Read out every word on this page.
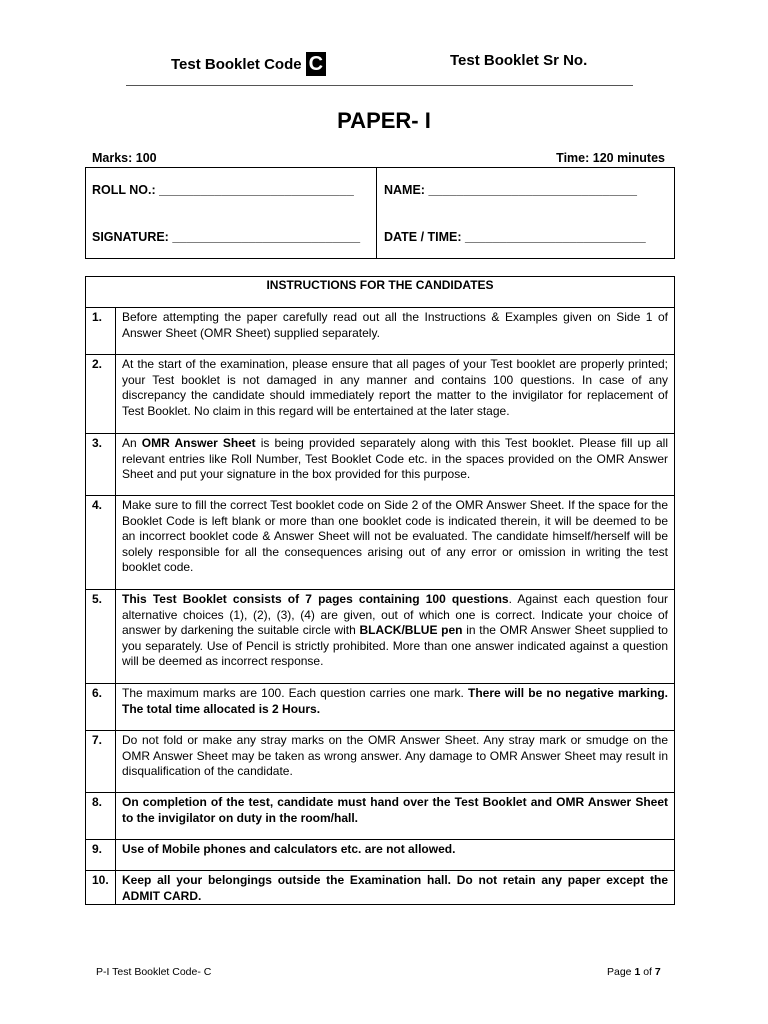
Test Booklet Code C	Test Booklet Sr No.
PAPER- I
Marks: 100	Time: 120 minutes
ROLL NO.: ____________________________ NAME: ______________________________
SIGNATURE: ___________________________ DATE / TIME: __________________________
INSTRUCTIONS FOR THE CANDIDATES	
1.	Before attempting the paper carefully read out all the Instructions & Examples given on Side 1 of Answer Sheet (OMR Sheet) supplied separately.
2.	At the start of the examination, please ensure that all pages of your Test booklet are properly printed; your Test booklet is not damaged in any manner and contains 100 questions. In case of any discrepancy the candidate should immediately report the matter to the invigilator for replacement of Test Booklet. No claim in this regard will be entertained at the later stage.
3.	An OMR Answer Sheet is being provided separately along with this Test booklet. Please fill up all relevant entries like Roll Number, Test Booklet Code etc. in the spaces provided on the OMR Answer Sheet and put your signature in the box provided for this purpose.
4.	Make sure to fill the correct Test booklet code on Side 2 of the OMR Answer Sheet. If the space for the Booklet Code is left blank or more than one booklet code is indicated therein, it will be deemed to be an incorrect booklet code & Answer Sheet will not be evaluated. The candidate himself/herself will be solely responsible for all the consequences arising out of any error or omission in writing the test booklet code.
5.	This Test Booklet consists of 7 pages containing 100 questions. Against each question four alternative choices (1), (2), (3), (4) are given, out of which one is correct. Indicate your choice of answer by darkening the suitable circle with BLACK/BLUE pen in the OMR Answer Sheet supplied to you separately. Use of Pencil is strictly prohibited. More than one answer indicated against a question will be deemed as incorrect response.
6.	The maximum marks are 100. Each question carries one mark. There will be no negative marking. The total time allocated is 2 Hours.
7.	Do not fold or make any stray marks on the OMR Answer Sheet. Any stray mark or smudge on the OMR Answer Sheet may be taken as wrong answer. Any damage to OMR Answer Sheet may result in disqualification of the candidate.
8.	On completion of the test, candidate must hand over the Test Booklet and OMR Answer Sheet to the invigilator on duty in the room/hall.
9.	Use of Mobile phones and calculators etc. are not allowed.
10.	Keep all your belongings outside the Examination hall. Do not retain any paper except the ADMIT CARD.
P-I Test Booklet Code- C	Page 1 of 7
